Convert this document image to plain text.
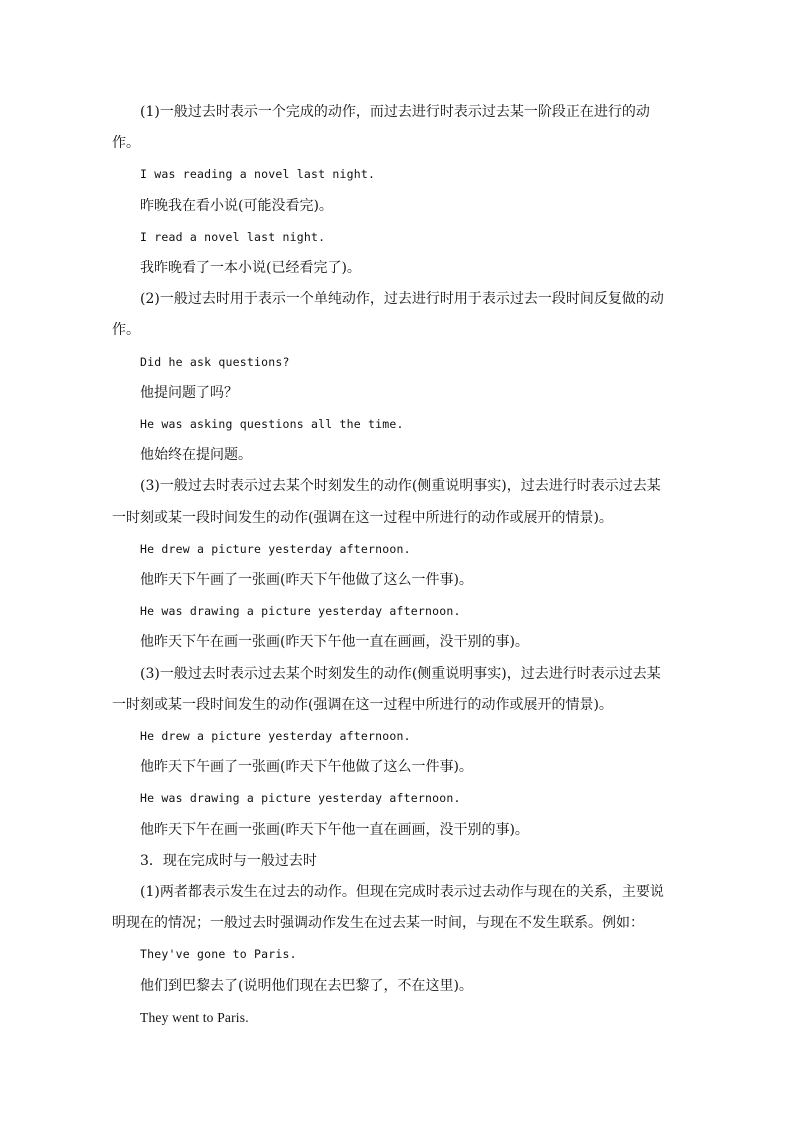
(1)一般过去时表示一个完成的动作，而过去进行时表示过去某一阶段正在进行的动

作。

I was reading a novel last night.

昨晚我在看小说(可能没看完)。

I read a novel last night.

我昨晚看了一本小说(已经看完了)。

(2)一般过去时用于表示一个单纯动作，过去进行时用于表示过去一段时间反复做的动

作。

Did he ask questions?

他提问题了吗？

He was asking questions all the time.

他始终在提问题。

(3)一般过去时表示过去某个时刻发生的动作(侧重说明事实)，过去进行时表示过去某

一时刻或某一段时间发生的动作(强调在这一过程中所进行的动作或展开的情景)。

He drew a picture yesterday afternoon.

他昨天下午画了一张画(昨天下午他做了这么一件事)。

He was drawing a picture yesterday afternoon.

他昨天下午在画一张画(昨天下午他一直在画画，没干别的事)。

(3)一般过去时表示过去某个时刻发生的动作(侧重说明事实)，过去进行时表示过去某

一时刻或某一段时间发生的动作(强调在这一过程中所进行的动作或展开的情景)。

He drew a picture yesterday afternoon.

他昨天下午画了一张画(昨天下午他做了这么一件事)。

He was drawing a picture yesterday afternoon.

他昨天下午在画一张画(昨天下午他一直在画画，没干别的事)。

3．现在完成时与一般过去时

(1)两者都表示发生在过去的动作。但现在完成时表示过去动作与现在的关系，主要说

明现在的情况；一般过去时强调动作发生在过去某一时间，与现在不发生联系。例如：

They've gone to Paris.

他们到巴黎去了(说明他们现在去巴黎了，不在这里)。

They went to Paris.
